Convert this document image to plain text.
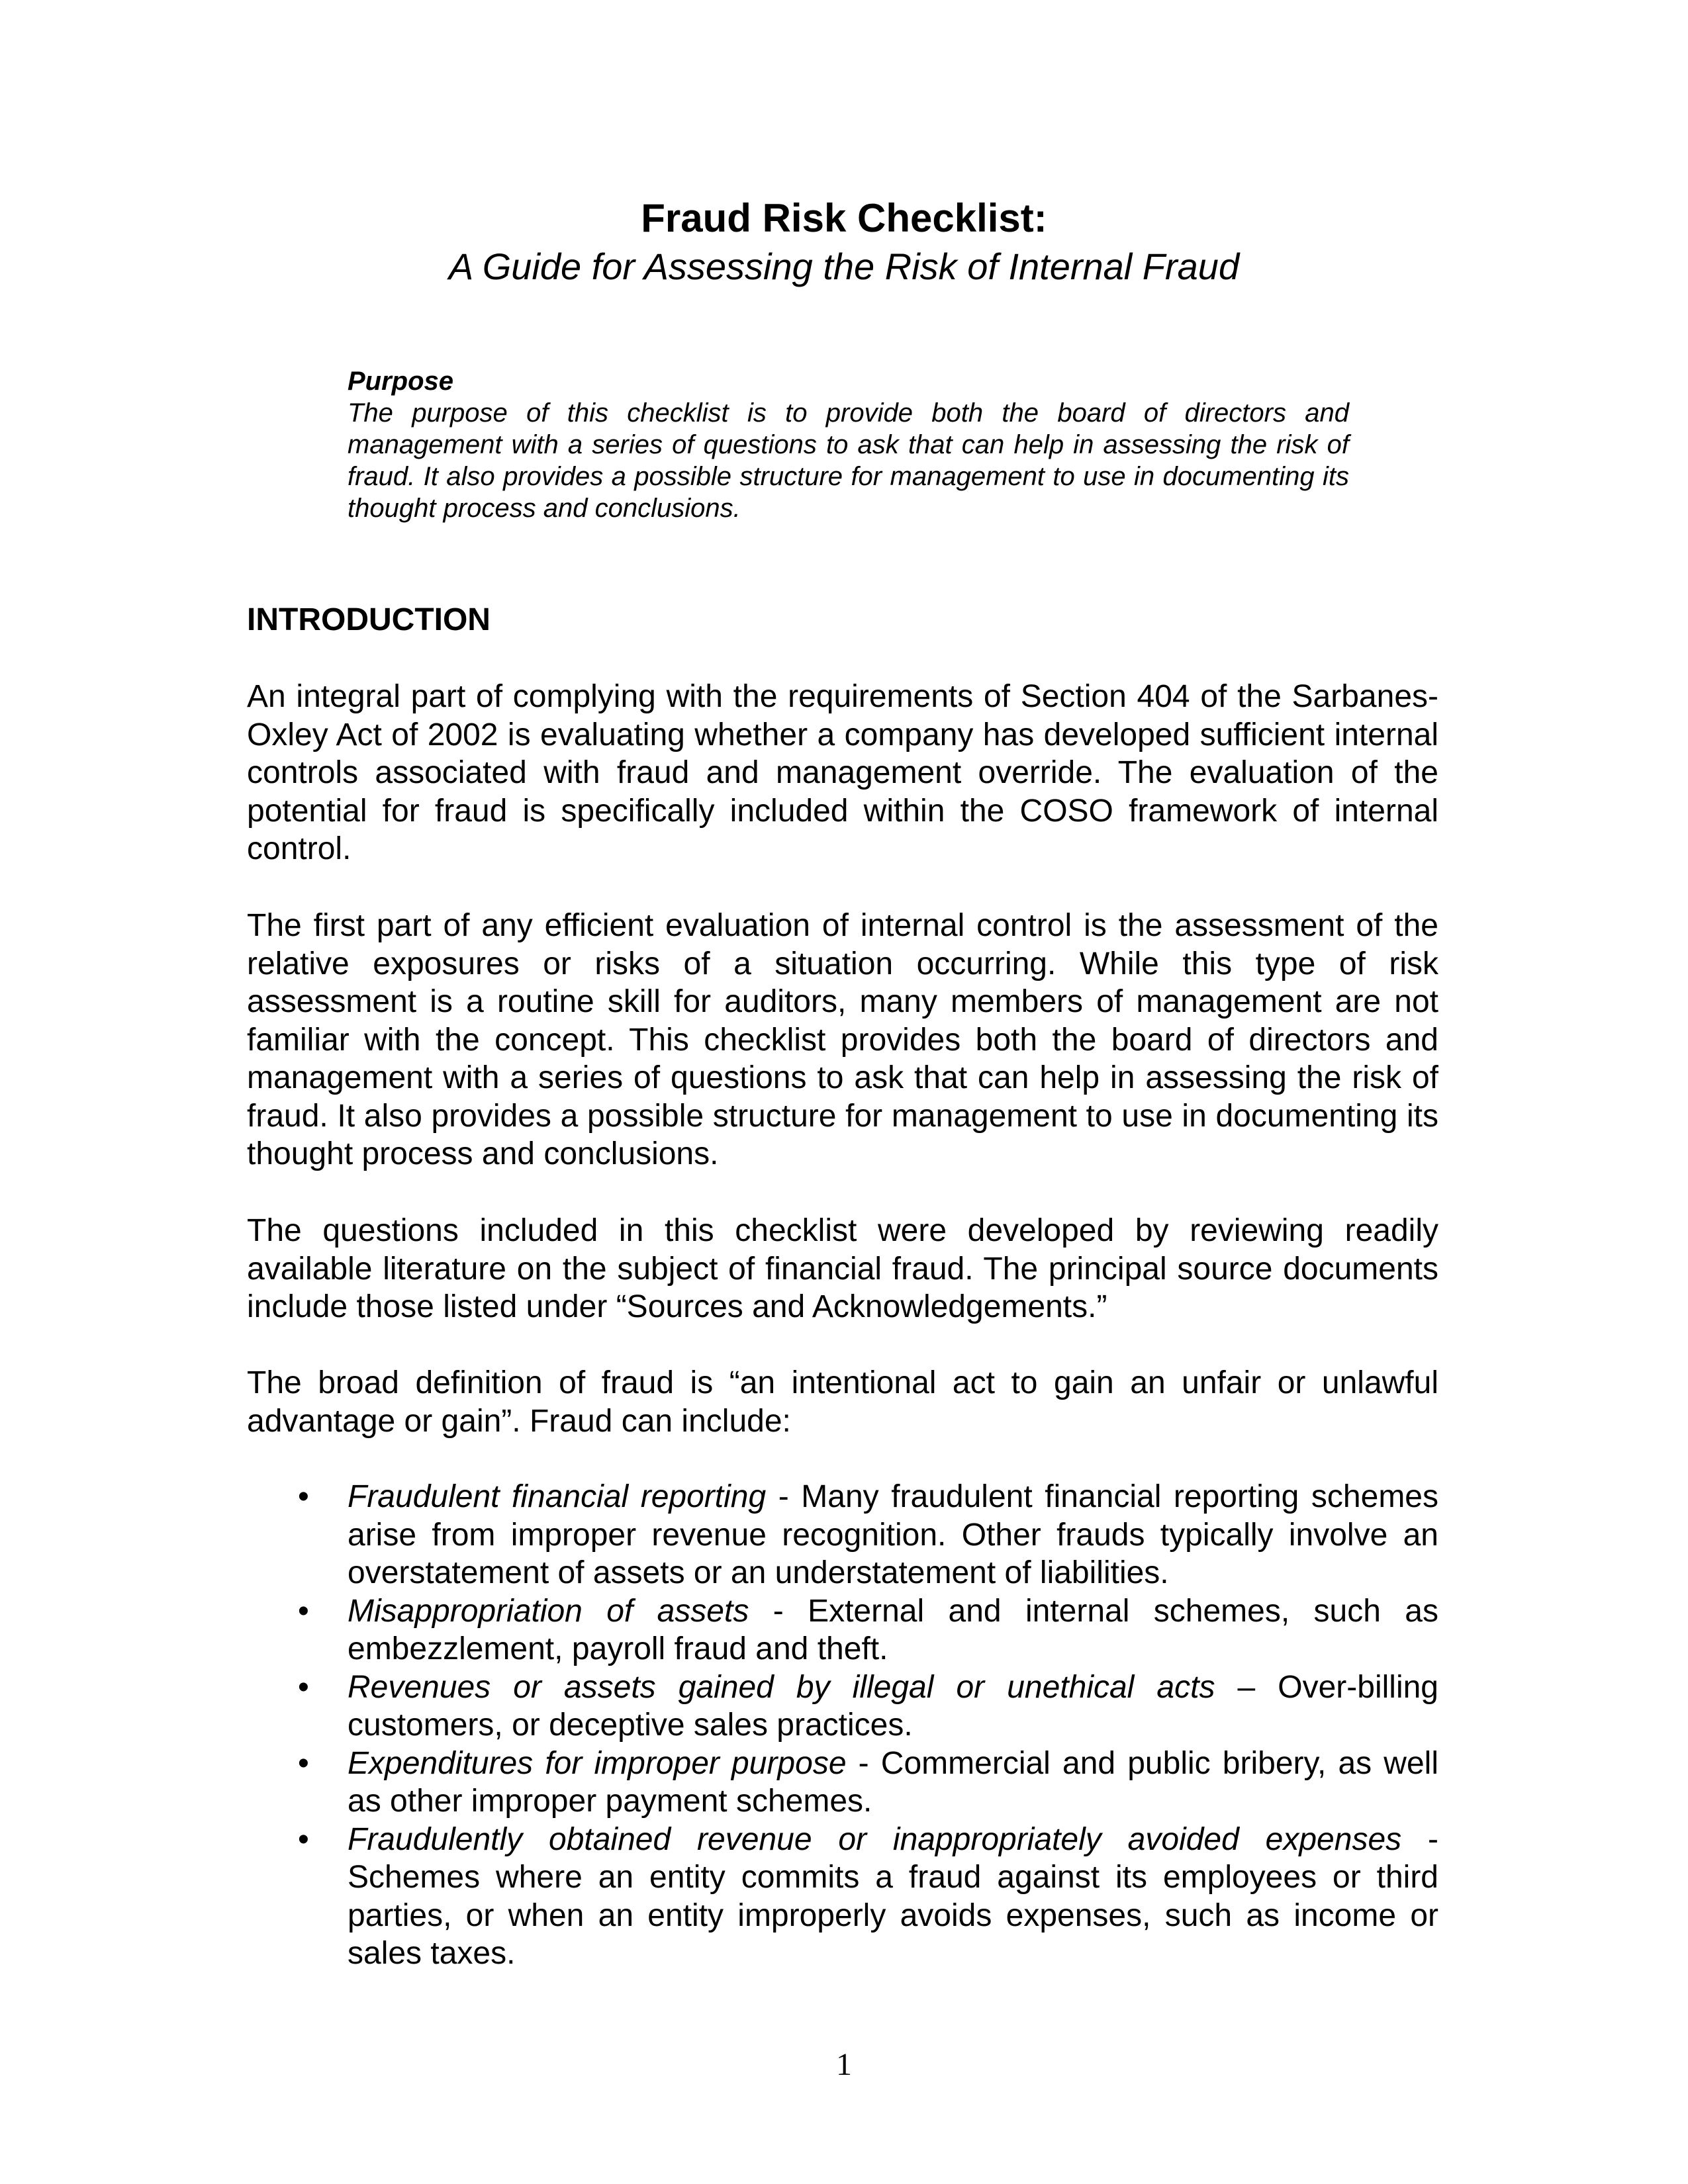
Fraud Risk Checklist:
A Guide for Assessing the Risk of Internal Fraud
Purpose
The purpose of this checklist is to provide both the board of directors and management with a series of questions to ask that can help in assessing the risk of fraud. It also provides a possible structure for management to use in documenting its thought process and conclusions.
INTRODUCTION

An integral part of complying with the requirements of Section 404 of the Sarbanes- Oxley Act of 2002 is evaluating whether a company has developed sufficient internal controls associated with fraud and management override. The evaluation of the potential for fraud is specifically included within the COSO framework of internal control.

The first part of any efficient evaluation of internal control is the assessment of the relative exposures or risks of a situation occurring. While this type of risk assessment is a routine skill for auditors, many members of management are not familiar with the concept. This checklist provides both the board of directors and management with a series of questions to ask that can help in assessing the risk of fraud. It also provides a possible structure for management to use in documenting its thought process and conclusions.

The questions included in this checklist were developed by reviewing readily available literature on the subject of financial fraud. The principal source documents include those listed under “Sources and Acknowledgements.”

The broad definition of fraud is “an intentional act to gain an unfair or unlawful advantage or gain”. Fraud can include:

• Fraudulent financial reporting - Many fraudulent financial reporting schemes arise from improper revenue recognition. Other frauds typically involve an overstatement of assets or an understatement of liabilities.
• Misappropriation of assets - External and internal schemes, such as embezzlement, payroll fraud and theft.
• Revenues or assets gained by illegal or unethical acts – Over-billing customers, or deceptive sales practices.
• Expenditures for improper purpose - Commercial and public bribery, as well as other improper payment schemes.
• Fraudulently obtained revenue or inappropriately avoided expenses - Schemes where an entity commits a fraud against its employees or third parties, or when an entity improperly avoids expenses, such as income or sales taxes.
1
